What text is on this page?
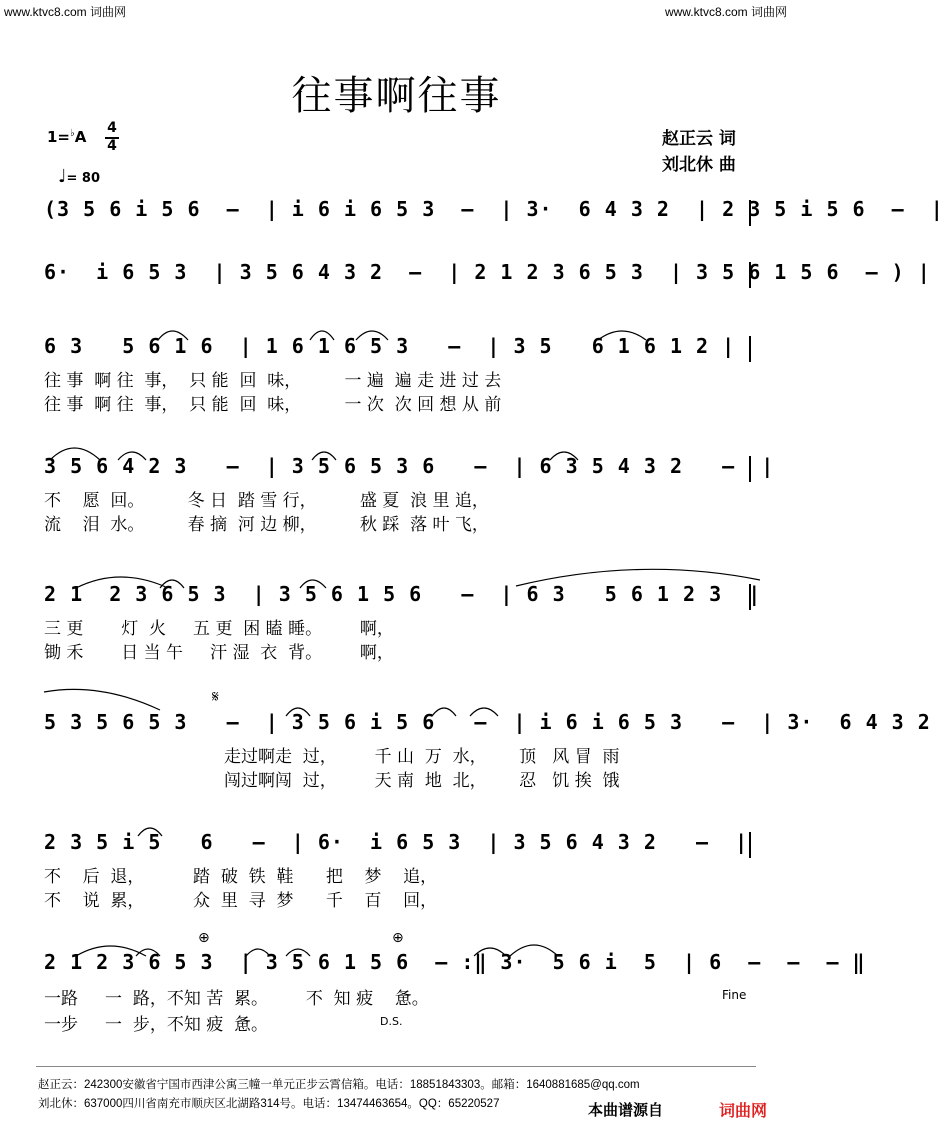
www.ktvc8.com 词曲网	www.ktvc8.com 词曲网
往事啊往事
赵正云 词
刘北休 曲
1=♭A 4
4
♩= 80
(3 5 6 i 5 6  –  | i 6 i 6 5 3  –  | 3·  6 4 3 2  | 2 3 5 i 5 6  –  |
6·  i 6 5 3  | 3 5 6 4 3 2  –  | 2 1 2 3 6 5 3  | 3 5 6 1 5 6  – ) |
6 3   5 6 1 6  | 1 6 1 6 5 3   –  | 3 5   6 1 6 1 2 |
往 事  啊 往  事，  只 能  回  味，        一 遍  遍 走 进 过 去
往 事  啊 往  事，  只 能  回  味，        一 次  次 回 想 从 前
3 5 6 4 2 3   –  | 3 5 6 5 3 6   –  | 6 3 5 4 3 2   –  |
不    愿  回。        冬 日  踏 雪 行，        盛 夏  浪 里 追，
流    泪  水。        春 摘  河 边 柳，        秋 踩  落 叶 飞，
2 1  2 3 6 5 3  | 3 5 6 1 5 6   –  | 6 3   5 6 1 2 3  |
三 更       灯  火     五 更  困 瞌 睡。       啊，
锄 禾       日 当 午     汗 湿  衣  背。       啊，
𝄋
5 3 5 6 5 3   –  | 3 5 6 i 5 6   –  | i 6 i 6 5 3   –  | 3·  6 4 3 2
走过啊走  过，       千 山  万  水，      顶   风 冒  雨
闯过啊闯  过，       天 南  地  北，      忍   饥 挨  饿
2 3 5 i 5   6   –  | 6·  i 6 5 3  | 3 5 6 4 3 2   –  |
不    后  退，         踏  破  铁  鞋      把    梦    追，
不    说  累，         众  里  寻  梦      千    百    回，
⊕	⊕
2 1 2 3 6 5 3  | 3 5 6 1 5 6  – :‖ 3·  5 6 i  5  | 6  –  –  – ‖
一路     一  路，不知 苦  累。       不  知 疲    惫。
一步     一  步，不知 疲  惫。
Fine
D.S.
赵正云：242300安徽省宁国市西津公寓三幢一单元正步云霄信箱。电话：18851843303。邮箱：1640881685@qq.com
刘北休：637000四川省南充市顺庆区北湖路314号。电话：13474463654。QQ：65220527	本曲谱源自	词曲网
